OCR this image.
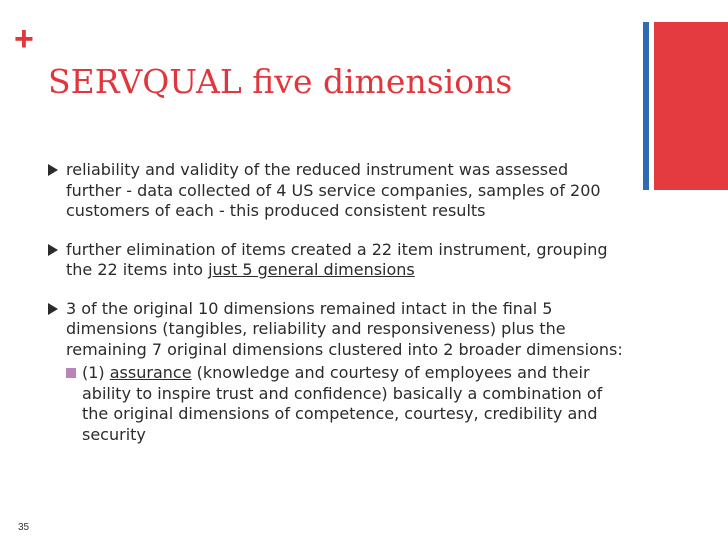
+
SERVQUAL five dimensions
reliability and validity of the reduced instrument was assessed further - data collected of 4 US service companies, samples of 200 customers of each - this produced consistent results
further elimination of items created a 22 item instrument, grouping the 22 items into just 5 general dimensions
3 of the original 10 dimensions remained intact in the final 5 dimensions (tangibles, reliability and responsiveness) plus the remaining 7 original dimensions clustered into 2 broader dimensions:
(1) assurance (knowledge and courtesy of employees and their ability to inspire trust and confidence) basically a combination of the original dimensions of competence, courtesy, credibility and security
35
